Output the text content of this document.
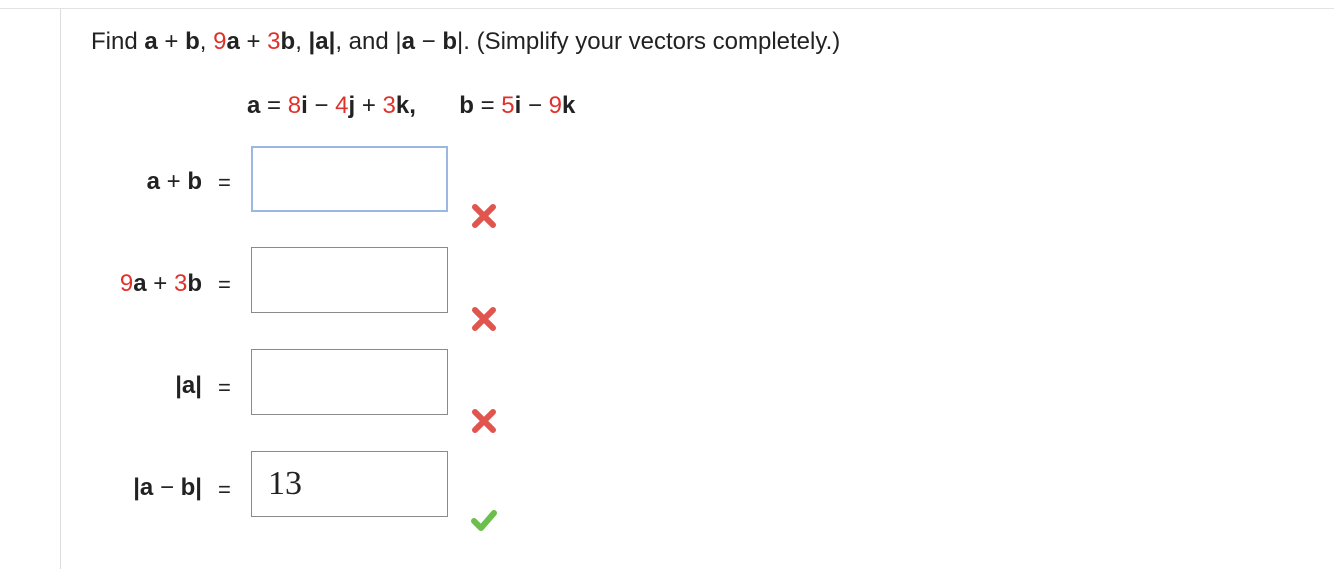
Find a + b, 9a + 3b, |a|, and |a − b|. (Simplify your vectors completely.)
a = 8i − 4j + 3k, b = 5i − 9k
a + b =
9a + 3b =
|a| =
|a − b| =
13
